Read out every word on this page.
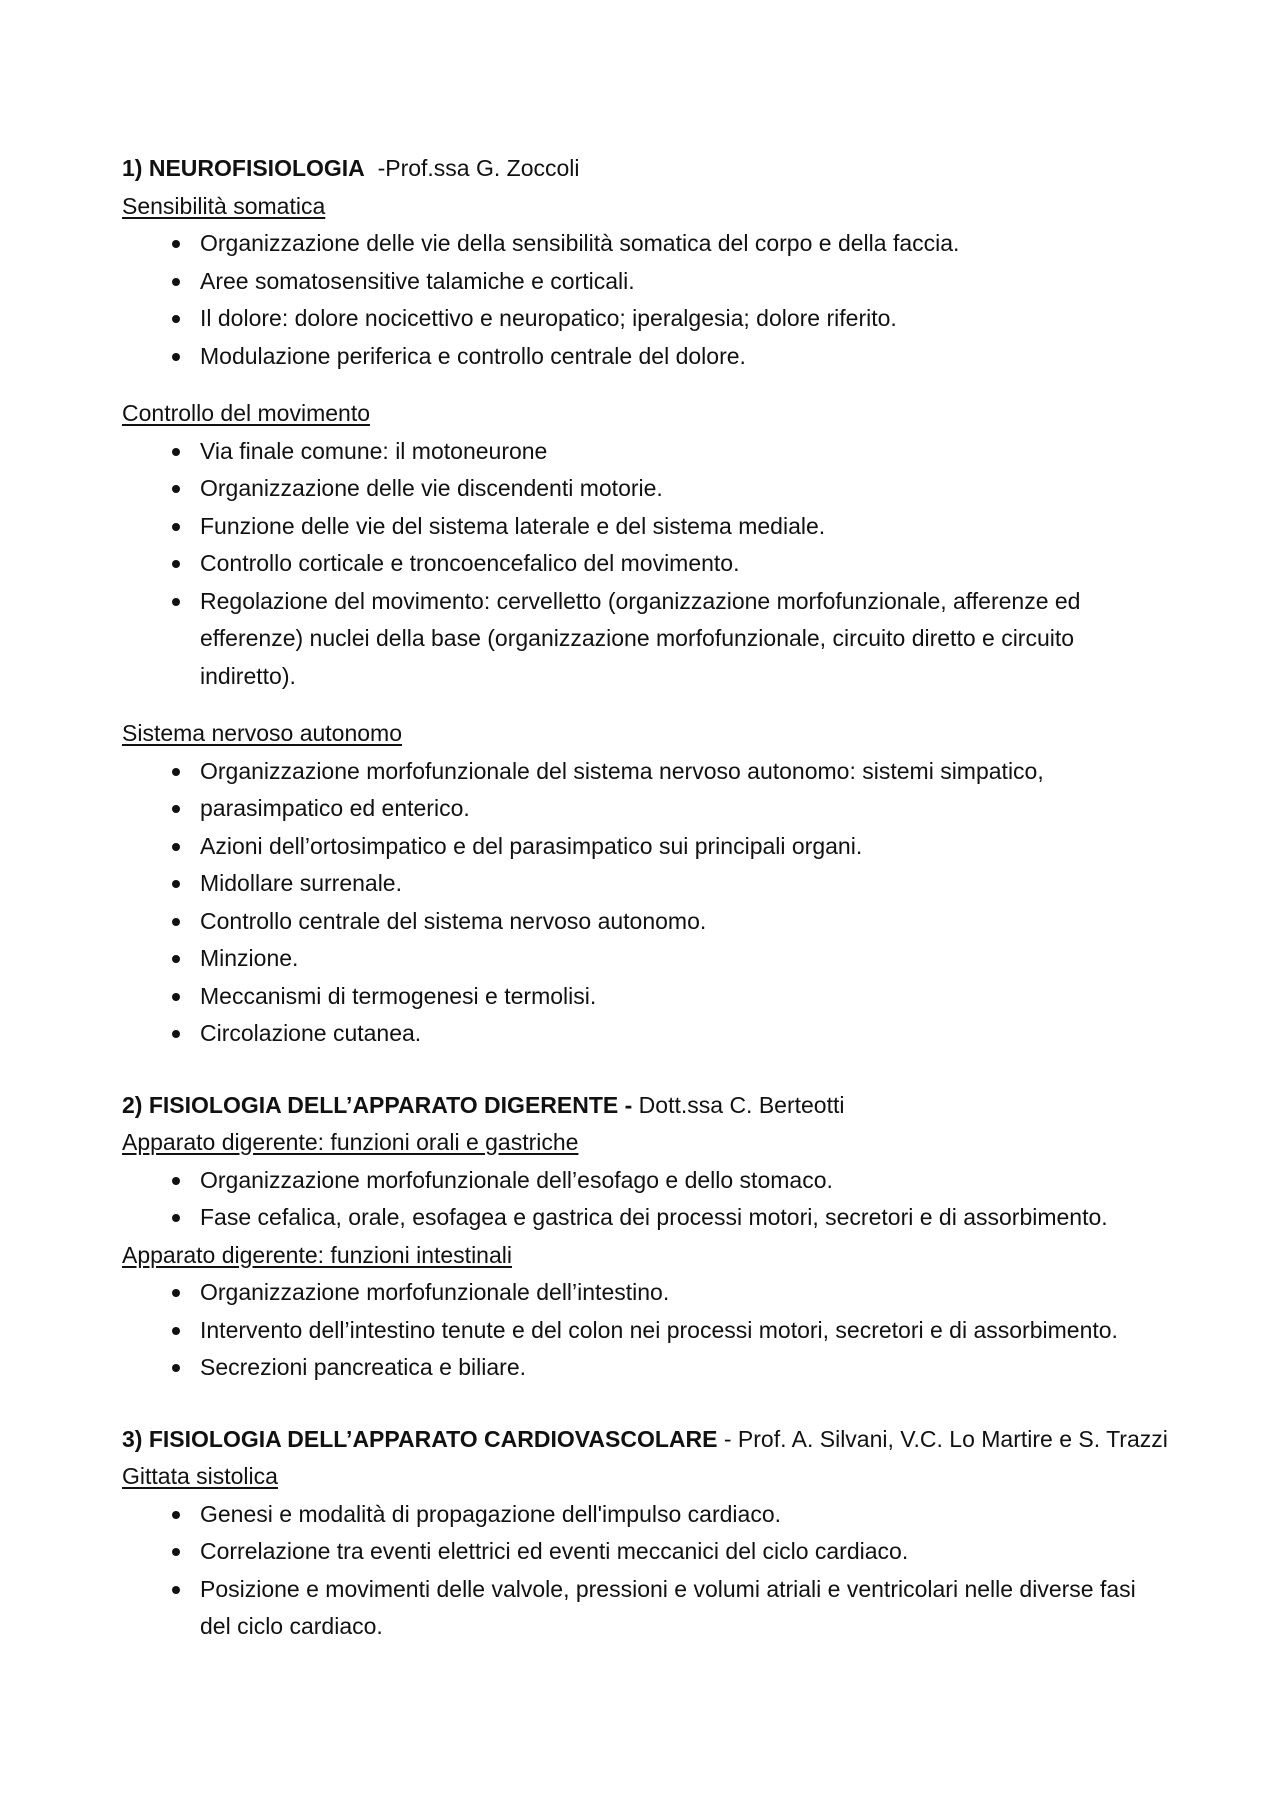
1) NEUROFISIOLOGIA  -Prof.ssa G. Zoccoli

Sensibilità somatica

Organizzazione delle vie della sensibilità somatica del corpo e della faccia.
Aree somatosensitive talamiche e corticali.
Il dolore: dolore nocicettivo e neuropatico; iperalgesia; dolore riferito.
Modulazione periferica e controllo centrale del dolore.

Controllo del movimento

Via finale comune: il motoneurone
Organizzazione delle vie discendenti motorie.
Funzione delle vie del sistema laterale e del sistema mediale.
Controllo corticale e troncoencefalico del movimento.
Regolazione del movimento: cervelletto (organizzazione morfofunzionale, afferenze ed efferenze) nuclei della base (organizzazione morfofunzionale, circuito diretto e circuito indiretto).

Sistema nervoso autonomo

Organizzazione morfofunzionale del sistema nervoso autonomo: sistemi simpatico,
parasimpatico ed enterico.
Azioni dell’ortosimpatico e del parasimpatico sui principali organi.
Midollare surrenale.
Controllo centrale del sistema nervoso autonomo.
Minzione.
Meccanismi di termogenesi e termolisi.
Circolazione cutanea.
2) FISIOLOGIA DELL’APPARATO DIGERENTE - Dott.ssa C. Berteotti

Apparato digerente: funzioni orali e gastriche

Organizzazione morfofunzionale dell’esofago e dello stomaco.
Fase cefalica, orale, esofagea e gastrica dei processi motori, secretori e di assorbimento.

Apparato digerente: funzioni intestinali

Organizzazione morfofunzionale dell’intestino.
Intervento dell’intestino tenute e del colon nei processi motori, secretori e di assorbimento.
Secrezioni pancreatica e biliare.
3) FISIOLOGIA DELL’APPARATO CARDIOVASCOLARE - Prof. A. Silvani, V.C. Lo Martire e S. Trazzi

Gittata sistolica

Genesi e modalità di propagazione dell'impulso cardiaco.
Correlazione tra eventi elettrici ed eventi meccanici del ciclo cardiaco.
Posizione e movimenti delle valvole, pressioni e volumi atriali e ventricolari nelle diverse fasi del ciclo cardiaco.
